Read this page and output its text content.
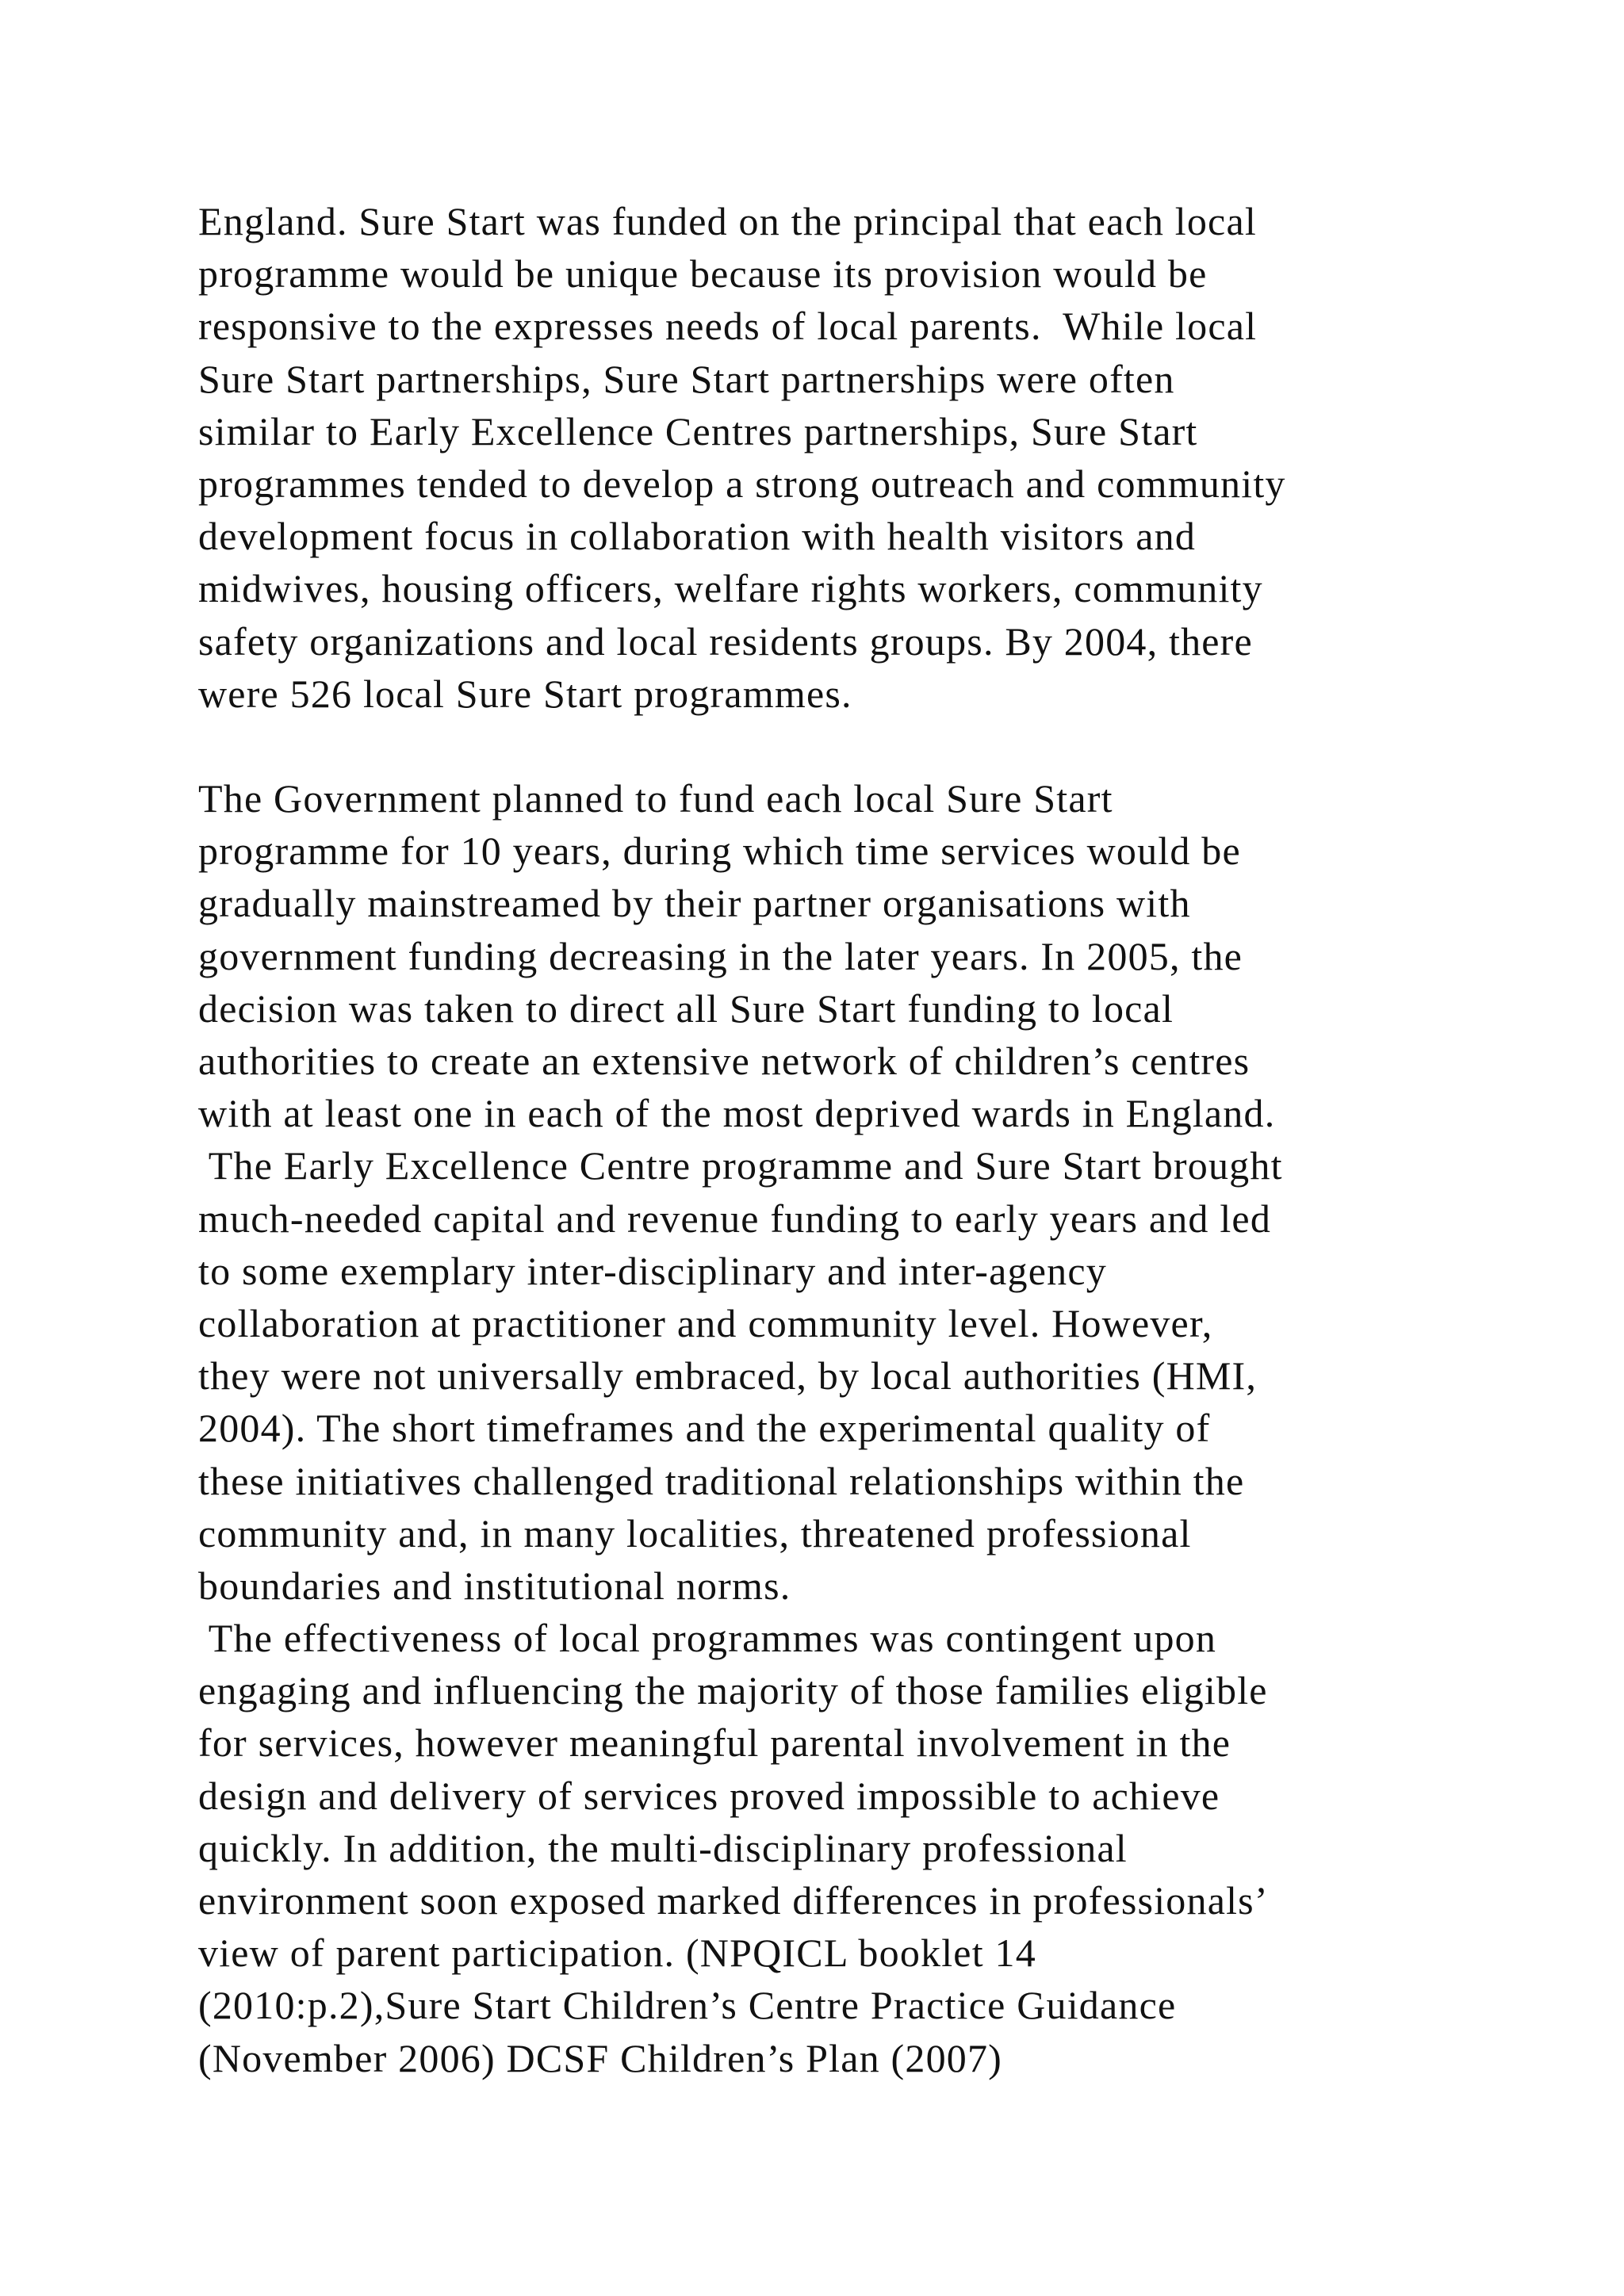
England. Sure Start was funded on the principal that each local
programme would be unique because its provision would be
responsive to the expresses needs of local parents.  While local
Sure Start partnerships, Sure Start partnerships were often
similar to Early Excellence Centres partnerships, Sure Start
programmes tended to develop a strong outreach and community
development focus in collaboration with health visitors and
midwives, housing officers, welfare rights workers, community
safety organizations and local residents groups. By 2004, there
were 526 local Sure Start programmes.
The Government planned to fund each local Sure Start
programme for 10 years, during which time services would be
gradually mainstreamed by their partner organisations with
government funding decreasing in the later years. In 2005, the
decision was taken to direct all Sure Start funding to local
authorities to create an extensive network of children’s centres
with at least one in each of the most deprived wards in England.
The Early Excellence Centre programme and Sure Start brought
much-needed capital and revenue funding to early years and led
to some exemplary inter-disciplinary and inter-agency
collaboration at practitioner and community level. However,
they were not universally embraced, by local authorities (HMI,
2004). The short timeframes and the experimental quality of
these initiatives challenged traditional relationships within the
community and, in many localities, threatened professional
boundaries and institutional norms.
The effectiveness of local programmes was contingent upon
engaging and influencing the majority of those families eligible
for services, however meaningful parental involvement in the
design and delivery of services proved impossible to achieve
quickly. In addition, the multi-disciplinary professional
environment soon exposed marked differences in professionals’
view of parent participation. (NPQICL booklet 14
(2010:p.2),Sure Start Children’s Centre Practice Guidance
(November 2006) DCSF Children’s Plan (2007)
